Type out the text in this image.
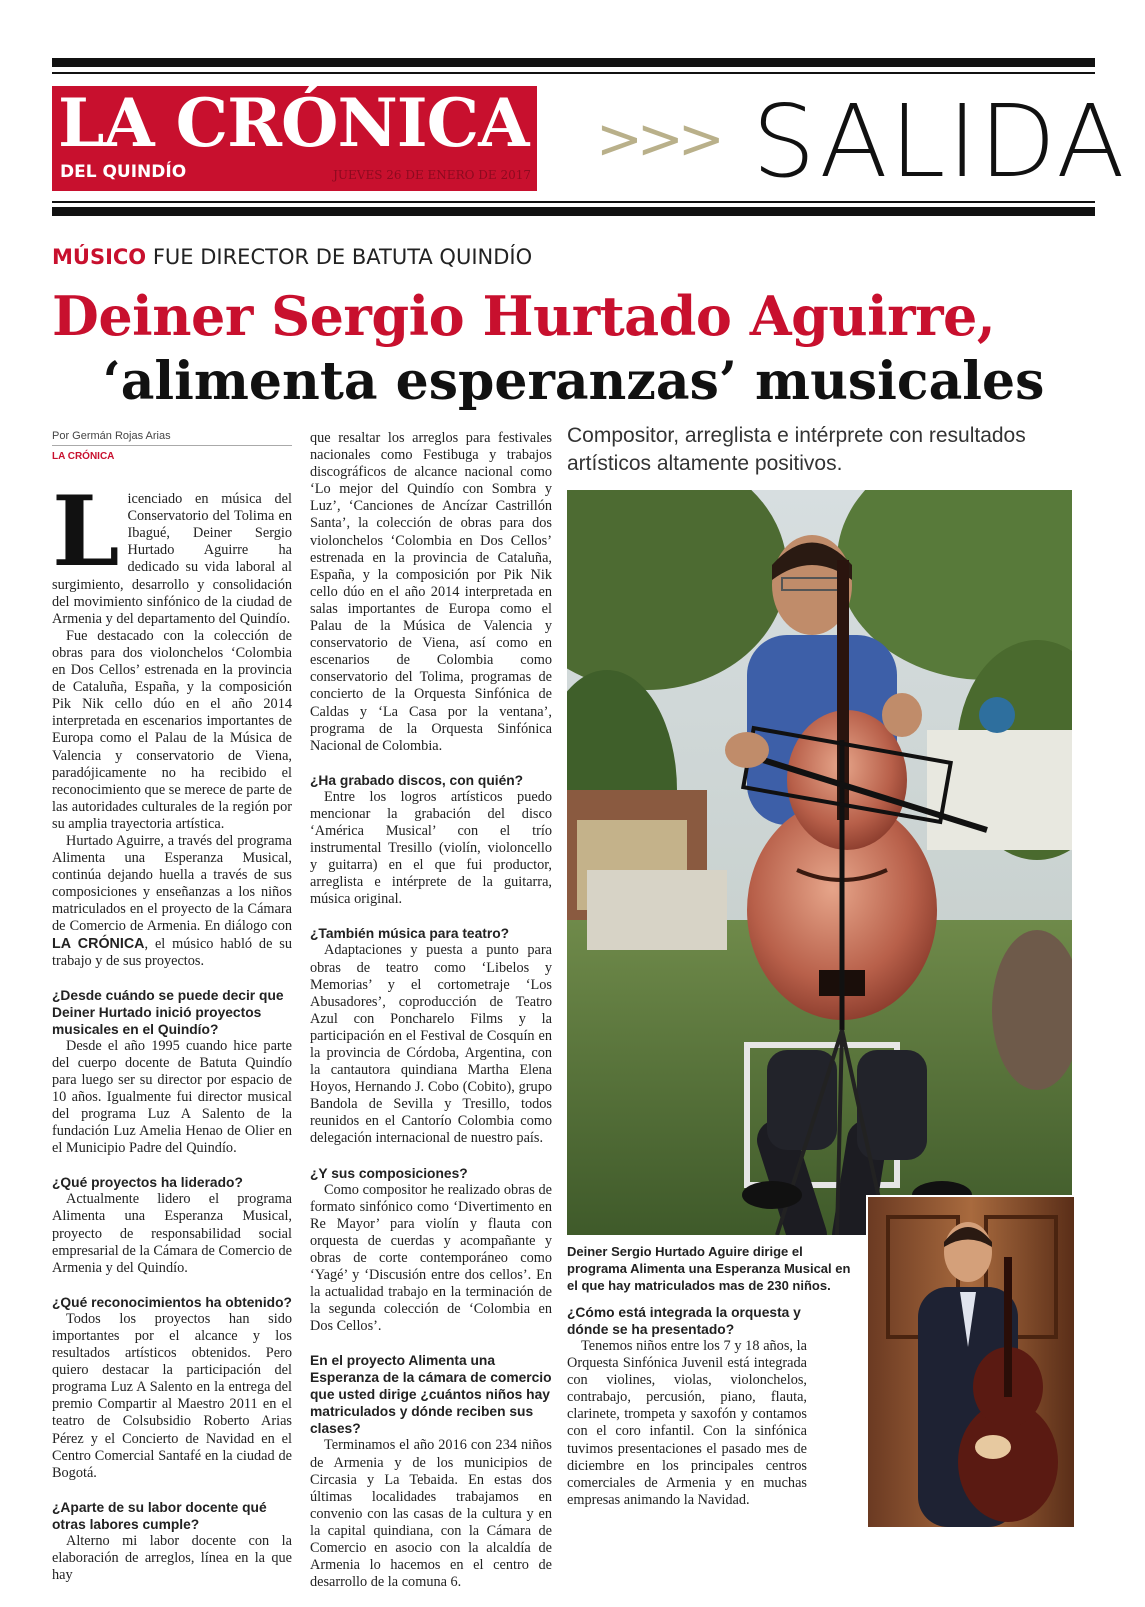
LA CRÓNICA
DEL QUINDÍO	JUEVES 26 DE ENERO DE 2017
>>> SALIDA
MÚSICO FUE DIRECTOR DE BATUTA QUINDÍO
Deiner Sergio Hurtado Aguirre,
‘alimenta esperanzas’ musicales
Por Germán Rojas Arias
LA CRÓNICA

Licenciado en música del Conservatorio del Tolima en Ibagué, Deiner Sergio Hurtado Aguirre ha dedicado su vida laboral al surgimiento, desarrollo y consolidación del movimiento sinfónico de la ciudad de Armenia y del departamento del Quindío.

Fue destacado con la colección de obras para dos violonchelos ‘Colombia en Dos Cellos’ estrenada en la provincia de Cataluña, España, y la composición Pik Nik cello dúo en el año 2014 interpretada en escenarios importantes de Europa como el Palau de la Música de Valencia y conservatorio de Viena, paradójicamente no ha recibido el reconocimiento que se merece de parte de las autoridades culturales de la región por su amplia trayectoria artística.

Hurtado Aguirre, a través del programa Alimenta una Esperanza Musical, continúa dejando huella a través de sus composiciones y enseñanzas a los niños matriculados en el proyecto de la Cámara de Comercio de Armenia. En diálogo con LA CRÓNICA, el músico habló de su trabajo y de sus proyectos.

¿Desde cuándo se puede decir que Deiner Hurtado inició proyectos musicales en el Quindío?

Desde el año 1995 cuando hice parte del cuerpo docente de Batuta Quindío para luego ser su director por espacio de 10 años. Igualmente fui director musical del programa Luz A Salento de la fundación Luz Amelia Henao de Olier en el Municipio Padre del Quindío.

¿Qué proyectos ha liderado?

Actualmente lidero el programa Alimenta una Esperanza Musical, proyecto de responsabilidad social empresarial de la Cámara de Comercio de Armenia y del Quindío.

¿Qué reconocimientos ha obtenido?

Todos los proyectos han sido importantes por el alcance y los resultados artísticos obtenidos. Pero quiero destacar la participación del programa Luz A Salento en la entrega del premio Compartir al Maestro 2011 en el teatro de Colsubsidio Roberto Arias Pérez y el Concierto de Navidad en el Centro Comercial Santafé en la ciudad de Bogotá.

¿Aparte de su labor docente qué otras labores cumple?

Alterno mi labor docente con la elaboración de arreglos, línea en la que hay

que resaltar los arreglos para festivales nacionales como Festibuga y trabajos discográficos de alcance nacional como ‘Lo mejor del Quindío con Sombra y Luz’, ‘Canciones de Ancízar Castrillón Santa’, la colección de obras para dos violonchelos ‘Colombia en Dos Cellos’ estrenada en la provincia de Cataluña, España, y la composición por Pik Nik cello dúo en el año 2014 interpretada en salas importantes de Europa como el Palau de la Música de Valencia y conservatorio de Viena, así como en escenarios de Colombia como conservatorio del Tolima, programas de concierto de la Orquesta Sinfónica de Caldas y ‘La Casa por la ventana’, programa de la Orquesta Sinfónica Nacional de Colombia.

¿Ha grabado discos, con quién?

Entre los logros artísticos puedo mencionar la grabación del disco ‘América Musical’ con el trío instrumental Tresillo (violín, violoncello y guitarra) en el que fui productor, arreglista e intérprete de la guitarra, música original.

¿También música para teatro?

Adaptaciones y puesta a punto para obras de teatro como ‘Libelos y Memorias’ y el cortometraje ‘Los Abusadores’, coproducción de Teatro Azul con Poncharelo Films y la participación en el Festival de Cosquín en la provincia de Córdoba, Argentina, con la cantautora quindiana Martha Elena Hoyos, Hernando J. Cobo (Cobito), grupo Bandola de Sevilla y Tresillo, todos reunidos en el Cantorío Colombia como delegación internacional de nuestro país.

¿Y sus composiciones?

Como compositor he realizado obras de formato sinfónico como ‘Divertimento en Re Mayor’ para violín y flauta con orquesta de cuerdas y acompañante y obras de corte contemporáneo como ‘Yagé’ y ‘Discusión entre dos cellos’. En la actualidad trabajo en la terminación de la segunda colección de ‘Colombia en Dos Cellos’.

En el proyecto Alimenta una Esperanza de la cámara de comercio que usted dirige ¿cuántos niños hay matriculados y dónde reciben sus clases?

Terminamos el año 2016 con 234 niños de Armenia y de los municipios de Circasia y La Tebaida. En estas dos últimas localidades trabajamos en convenio con las casas de la cultura y en la capital quindiana, con la Cámara de Comercio en asocio con la alcaldía de Armenia lo hacemos en el centro de desarrollo de la comuna 6.

Compositor, arreglista e intérprete con resultados artísticos altamente positivos.
Deiner Sergio Hurtado Aguire dirige el programa Alimenta una Esperanza Musical en el que hay matriculados mas de 230 niños.

¿Cómo está integrada la orquesta y dónde se ha presentado?

Tenemos niños entre los 7 y 18 años, la Orquesta Sinfónica Juvenil está integrada con violines, violas, violonchelos, contrabajo, percusión, piano, flauta, clarinete, trompeta y saxofón y contamos con el coro infantil. Con la sinfónica tuvimos presentaciones el pasado mes de diciembre en los principales centros comerciales de Armenia y en muchas empresas animando la Navidad.
